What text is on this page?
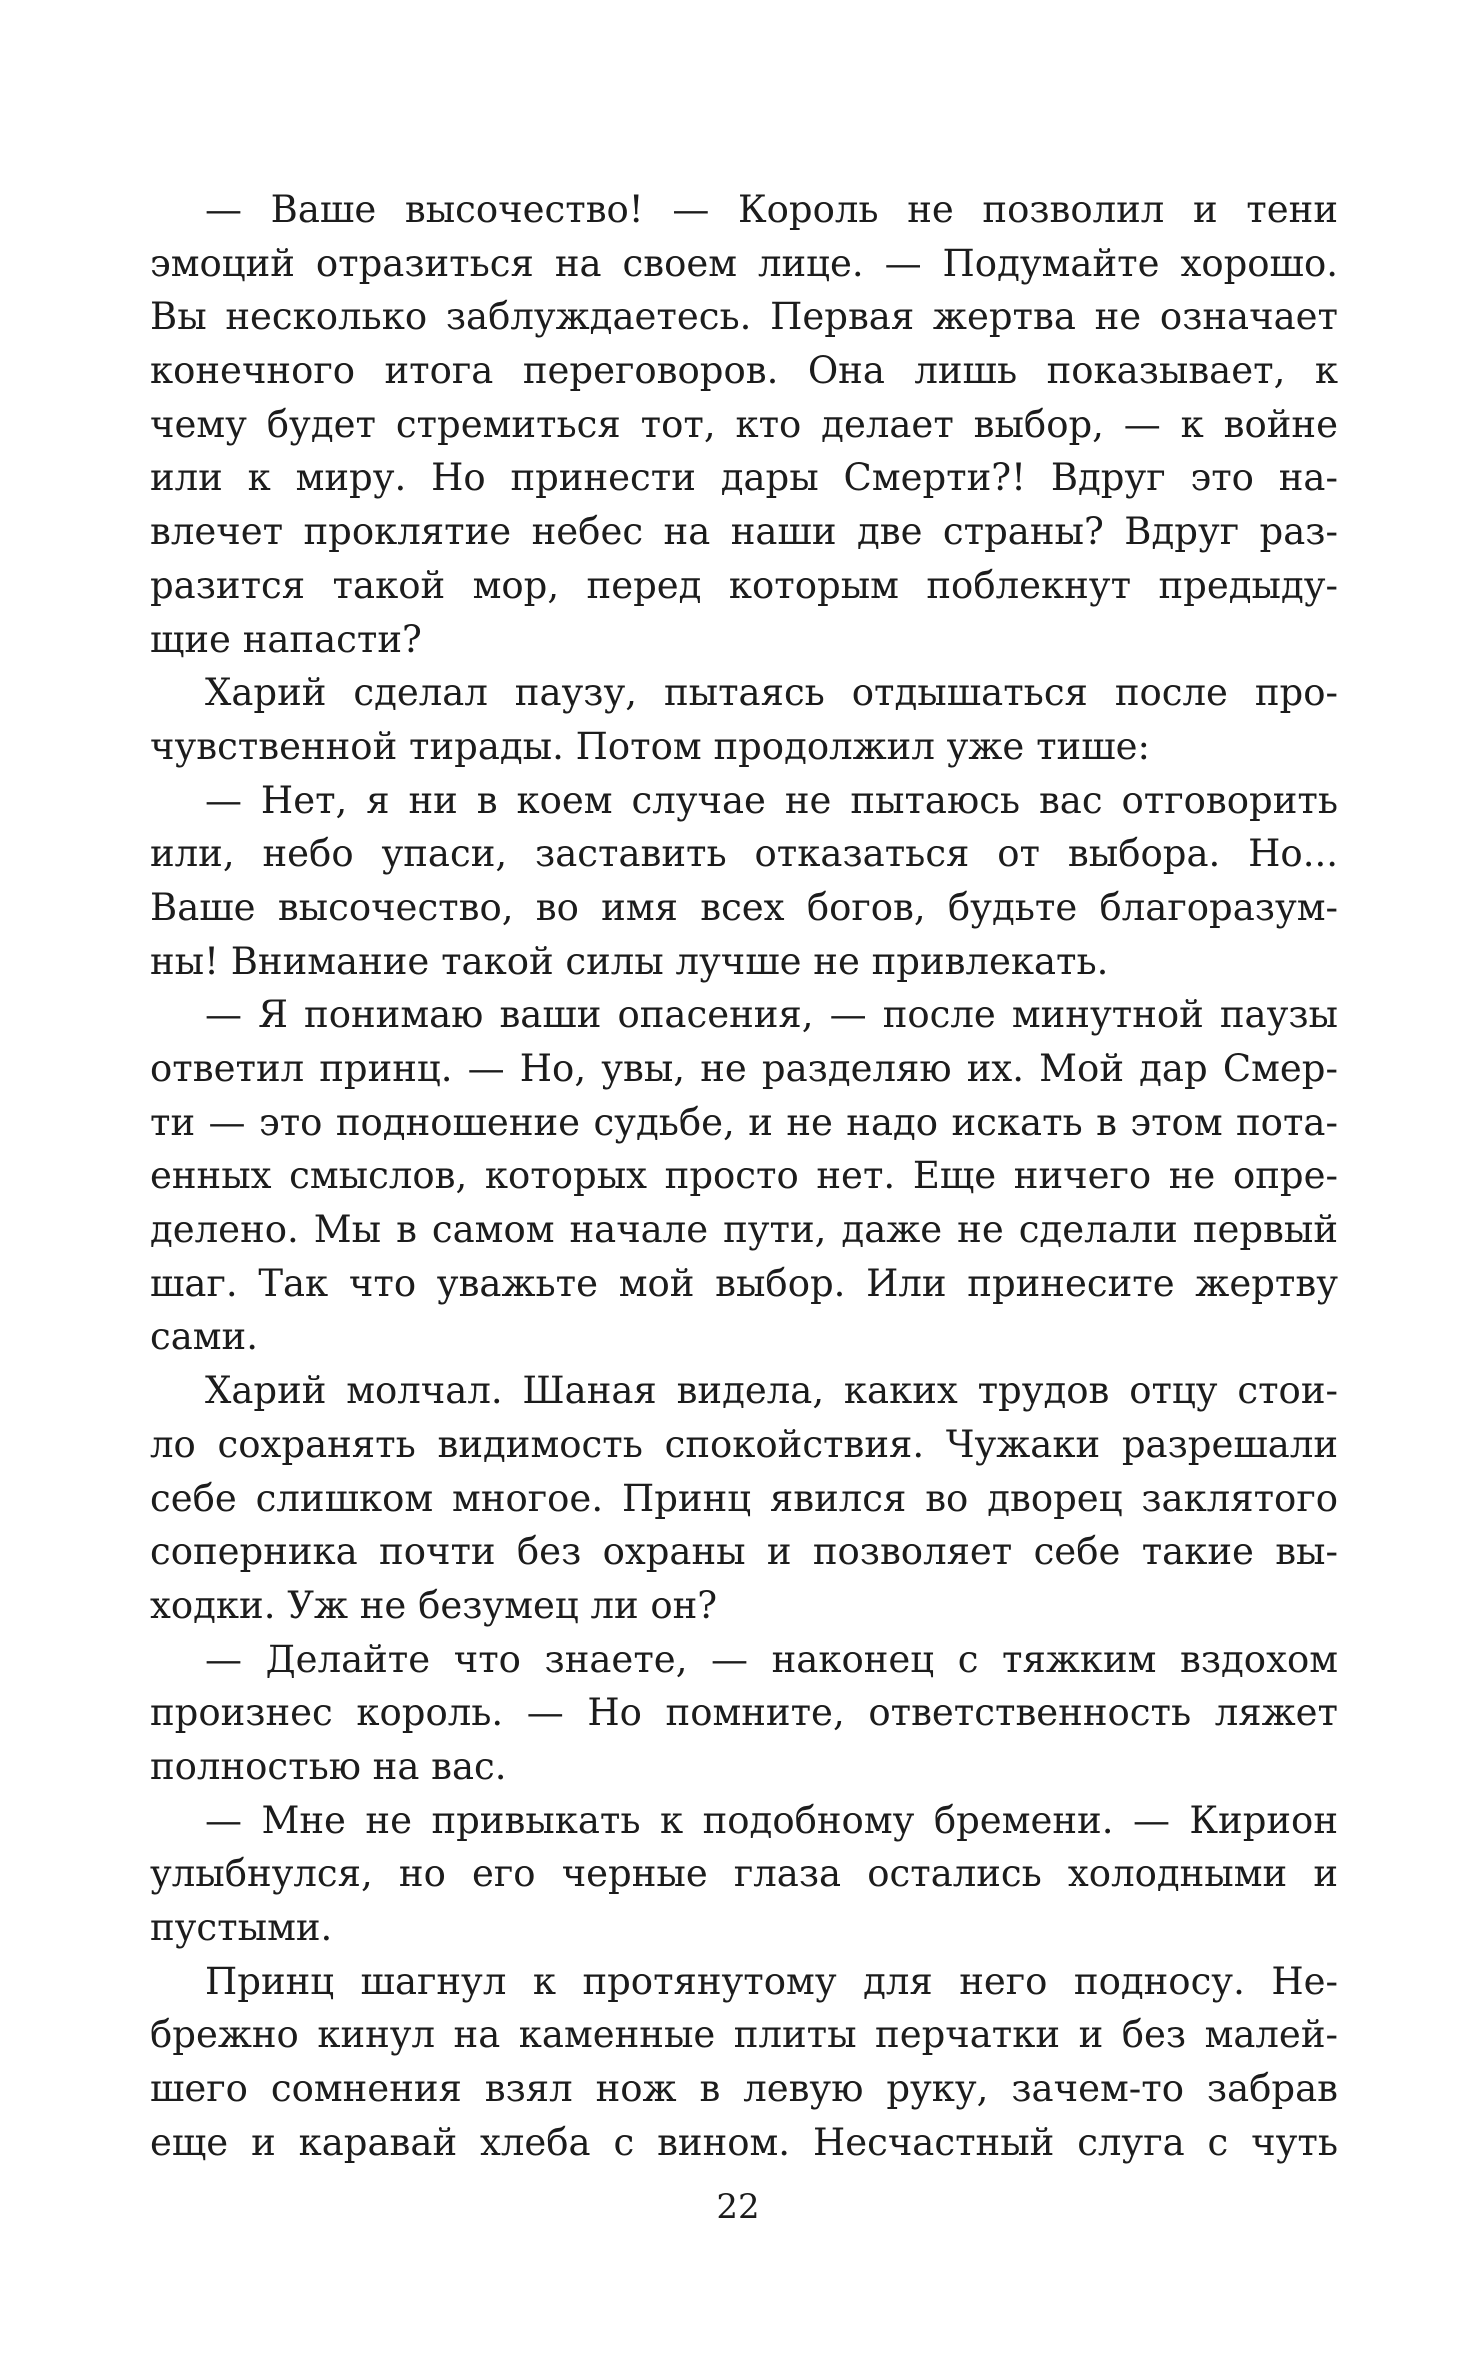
— Ваше высочество! — Король не позволил и тени
эмоций отразиться на своем лице. — Подумайте хорошо.
Вы несколько заблуждаетесь. Первая жертва не означает
конечного итога переговоров. Она лишь показывает, к
чему будет стремиться тот, кто делает выбор, — к войне
или к миру. Но принести дары Смерти?! Вдруг это на-
влечет проклятие небес на наши две страны? Вдруг раз-
разится такой мор, перед которым поблекнут предыду-
щие напасти?
Харий сделал паузу, пытаясь отдышаться после про-
чувственной тирады. Потом продолжил уже тише:
— Нет, я ни в коем случае не пытаюсь вас отговорить
или, небо упаси, заставить отказаться от выбора. Но...
Ваше высочество, во имя всех богов, будьте благоразум-
ны! Внимание такой силы лучше не привлекать.
— Я понимаю ваши опасения, — после минутной паузы
ответил принц. — Но, увы, не разделяю их. Мой дар Смер-
ти — это подношение судьбе, и не надо искать в этом пота-
енных смыслов, которых просто нет. Еще ничего не опре-
делено. Мы в самом начале пути, даже не сделали первый
шаг. Так что уважьте мой выбор. Или принесите жертву
сами.
Харий молчал. Шаная видела, каких трудов отцу стои-
ло сохранять видимость спокойствия. Чужаки разрешали
себе слишком многое. Принц явился во дворец заклятого
соперника почти без охраны и позволяет себе такие вы-
ходки. Уж не безумец ли он?
— Делайте что знаете, — наконец с тяжким вздохом
произнес король. — Но помните, ответственность ляжет
полностью на вас.
— Мне не привыкать к подобному бремени. — Кирион
улыбнулся, но его черные глаза остались холодными и
пустыми.
Принц шагнул к протянутому для него подносу. Не-
брежно кинул на каменные плиты перчатки и без малей-
шего сомнения взял нож в левую руку, зачем-то забрав
еще и каравай хлеба с вином. Несчастный слуга с чуть
22
